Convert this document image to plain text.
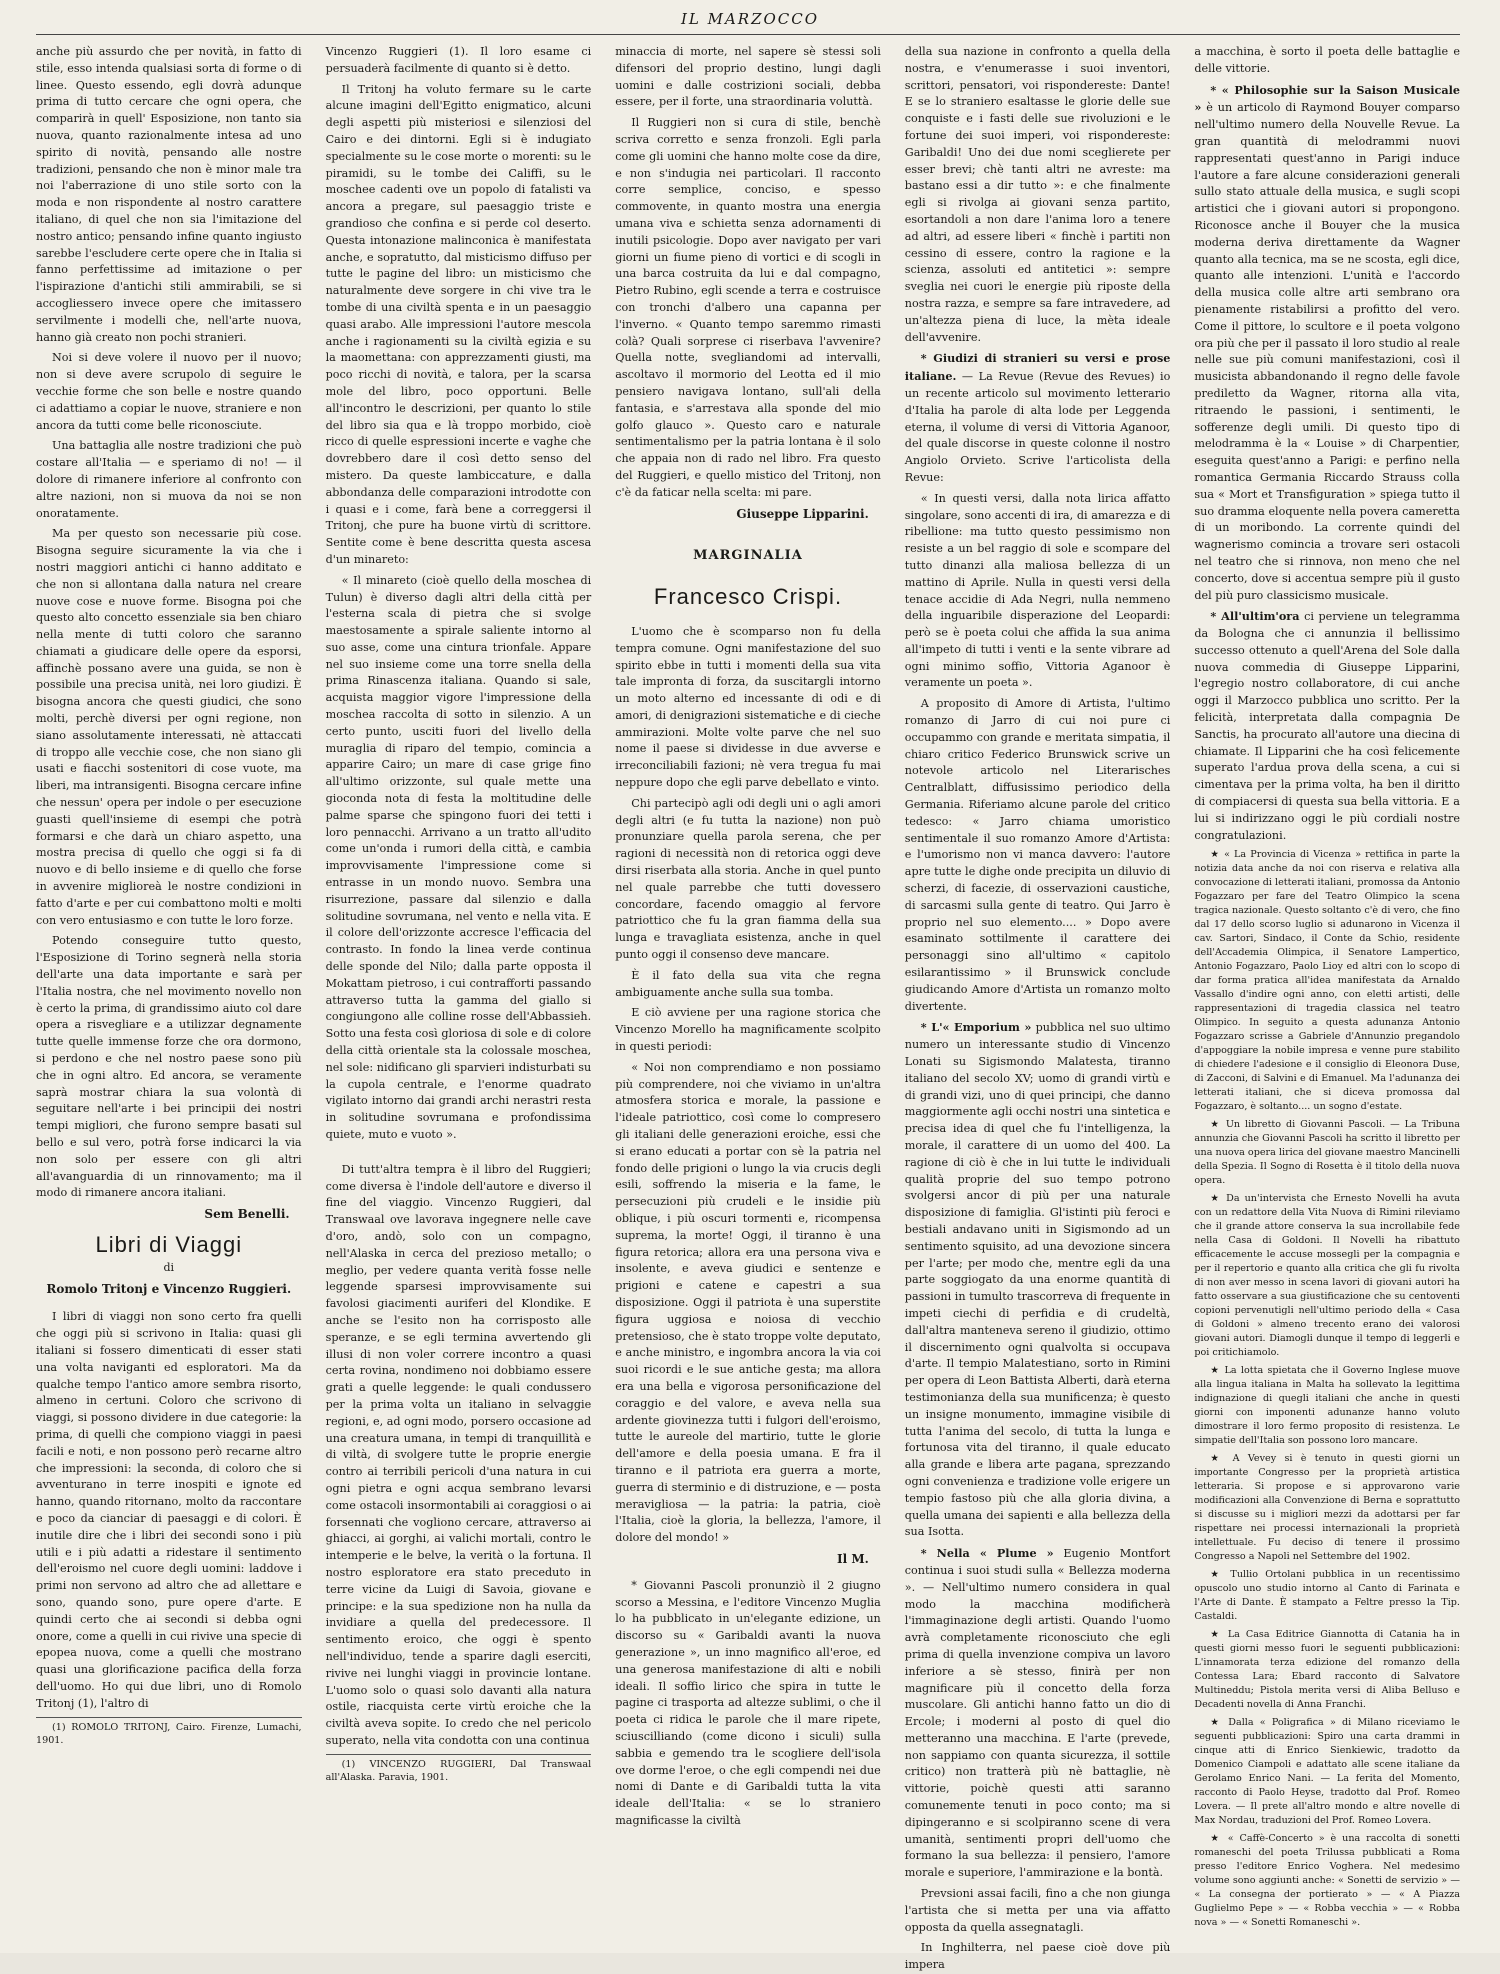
IL MARZOCCO

anche più assurdo che per novità, in fatto di stile, esso intenda qualsiasi sorta di forme o di linee. Questo essendo, egli dovrà adunque prima di tutto cercare che ogni opera, che comparirà in quell' Esposizione, non tanto sia nuova, quanto razionalmente intesa ad uno spirito di novità, pensando alle nostre tradizioni, pensando che non è minor male tra noi l'aberrazione di uno stile sorto con la moda e non rispondente al nostro carattere italiano, di quel che non sia l'imitazione del nostro antico; pensando infine quanto ingiusto sarebbe l'escludere certe opere che in Italia si fanno perfettissime ad imitazione o per l'ispirazione d'antichi stili ammirabili, se si accogliessero invece opere che imitassero servilmente i modelli che, nell'arte nuova, hanno già creato non pochi stranieri.

Noi si deve volere il nuovo per il nuovo; non si deve avere scrupolo di seguire le vecchie forme che son belle e nostre quando ci adattiamo a copiar le nuove, straniere e non ancora da tutti come belle riconosciute.

Una battaglia alle nostre tradizioni che può costare all'Italia — e speriamo di no! — il dolore di rimanere inferiore al confronto con altre nazioni, non si muova da noi se non onoratamente.

Ma per questo son necessarie più cose. Bisogna seguire sicuramente la via che i nostri maggiori antichi ci hanno additato e che non si allontana dalla natura nel creare nuove cose e nuove forme. Bisogna poi che questo alto concetto essenziale sia ben chiaro nella mente di tutti coloro che saranno chiamati a giudicare delle opere da esporsi, affinchè possano avere una guida, se non è possibile una precisa unità, nei loro giudizi. È bisogna ancora che questi giudici, che sono molti, perchè diversi per ogni regione, non siano assolutamente interessati, nè attaccati di troppo alle vecchie cose, che non siano gli usati e fiacchi sostenitori di cose vuote, ma liberi, ma intransigenti. Bisogna cercare infine che nessun' opera per indole o per esecuzione guasti quell'insieme di esempi che potrà formarsi e che darà un chiaro aspetto, una mostra precisa di quello che oggi si fa di nuovo e di bello insieme e di quello che forse in avvenire miglioreà le nostre condizioni in fatto d'arte e per cui combattono molti e molti con vero entusiasmo e con tutte le loro forze.

Potendo conseguire tutto questo, l'Esposizione di Torino segnerà nella storia dell'arte una data importante e sarà per l'Italia nostra, che nel movimento novello non è certo la prima, di grandissimo aiuto col dare opera a risvegliare e a utilizzar degnamente tutte quelle immense forze che ora dormono, si perdono e che nel nostro paese sono più che in ogni altro. Ed ancora, se veramente saprà mostrar chiara la sua volontà di seguitare nell'arte i bei principii dei nostri tempi migliori, che furono sempre basati sul bello e sul vero, potrà forse indicarci la via non solo per essere con gli altri all'avanguardia di un rinnovamento; ma il modo di rimanere ancora italiani.

Sem Benelli.
Libri di Viaggi
di
Romolo Tritonj e Vincenzo Ruggieri.

I libri di viaggi non sono certo fra quelli che oggi più si scrivono in Italia: quasi gli italiani si fossero dimenticati di esser stati una volta naviganti ed esploratori. Ma da qualche tempo l'antico amore sembra risorto, almeno in certuni. Coloro che scrivono di viaggi, si possono dividere in due categorie: la prima, di quelli che compiono viaggi in paesi facili e noti, e non possono però recarne altro che impressioni: la seconda, di coloro che si avventurano in terre inospiti e ignote ed hanno, quando ritornano, molto da raccontare e poco da cianciar di paesaggi e di colori. È inutile dire che i libri dei secondi sono i più utili e i più adatti a ridestare il sentimento dell'eroismo nel cuore degli uomini: laddove i primi non servono ad altro che ad allettare e sono, quando sono, pure opere d'arte. E quindi certo che ai secondi si debba ogni onore, come a quelli in cui rivive una specie di epopea nuova, come a quelli che mostrano quasi una glorificazione pacifica della forza dell'uomo. Ho qui due libri, uno di Romolo Tritonj (1), l'altro di

(1) ROMOLO TRITONJ, Cairo. Firenze, Lumachi, 1901.

Vincenzo Ruggieri (1). Il loro esame ci persuaderà facilmente di quanto si è detto.

Il Tritonj ha voluto fermare su le carte alcune imagini dell'Egitto enigmatico, alcuni degli aspetti più misteriosi e silenziosi del Cairo e dei dintorni. Egli si è indugiato specialmente su le cose morte o morenti: su le piramidi, su le tombe dei Califfi, su le moschee cadenti ove un popolo di fatalisti va ancora a pregare, sul paesaggio triste e grandioso che confina e si perde col deserto. Questa intonazione malinconica è manifestata anche, e sopratutto, dal misticismo diffuso per tutte le pagine del libro: un misticismo che naturalmente deve sorgere in chi vive tra le tombe di una civiltà spenta e in un paesaggio quasi arabo. Alle impressioni l'autore mescola anche i ragionamenti su la civiltà egizia e su la maomettana: con apprezzamenti giusti, ma poco ricchi di novità, e talora, per la scarsa mole del libro, poco opportuni. Belle all'incontro le descrizioni, per quanto lo stile del libro sia qua e là troppo morbido, cioè ricco di quelle espressioni incerte e vaghe che dovrebbero dare il così detto senso del mistero. Da queste lambiccature, e dalla abbondanza delle comparazioni introdotte con i quasi e i come, farà bene a correggersi il Tritonj, che pure ha buone virtù di scrittore. Sentite come è bene descritta questa ascesa d'un minareto:

« Il minareto (cioè quello della moschea di Tulun) è diverso dagli altri della città per l'esterna scala di pietra che si svolge maestosamente a spirale saliente intorno al suo asse, come una cintura trionfale. Appare nel suo insieme come una torre snella della prima Rinascenza italiana. Quando si sale, acquista maggior vigore l'impressione della moschea raccolta di sotto in silenzio. A un certo punto, usciti fuori del livello della muraglia di riparo del tempio, comincia a apparire Cairo; un mare di case grige fino all'ultimo orizzonte, sul quale mette una gioconda nota di festa la moltitudine delle palme sparse che spingono fuori dei tetti i loro pennacchi. Arrivano a un tratto all'udito come un'onda i rumori della città, e cambia improvvisamente l'impressione come si entrasse in un mondo nuovo. Sembra una risurrezione, passare dal silenzio e dalla solitudine sovrumana, nel vento e nella vita. E il colore dell'orizzonte accresce l'efficacia del contrasto. In fondo la linea verde continua delle sponde del Nilo; dalla parte opposta il Mokattam pietroso, i cui contrafforti passando attraverso tutta la gamma del giallo si congiungono alle colline rosse dell'Abbassieh. Sotto una festa così gloriosa di sole e di colore della città orientale sta la colossale moschea, nel sole: nidificano gli sparvieri indisturbati su la cupola centrale, e l'enorme quadrato vigilato intorno dai grandi archi nerastri resta in solitudine sovrumana e profondissima quiete, muto e vuoto ».

Di tutt'altra tempra è il libro del Ruggieri; come diversa è l'indole dell'autore e diverso il fine del viaggio. Vincenzo Ruggieri, dal Transwaal ove lavorava ingegnere nelle cave d'oro, andò, solo con un compagno, nell'Alaska in cerca del prezioso metallo; o meglio, per vedere quanta verità fosse nelle leggende sparsesi improvvisamente sui favolosi giacimenti auriferi del Klondike. E anche se l'esito non ha corrisposto alle speranze, e se egli termina avvertendo gli illusi di non voler correre incontro a quasi certa rovina, nondimeno noi dobbiamo essere grati a quelle leggende: le quali condussero per la prima volta un italiano in selvaggie regioni, e, ad ogni modo, porsero occasione ad una creatura umana, in tempi di tranquillità e di viltà, di svolgere tutte le proprie energie contro ai terribili pericoli d'una natura in cui ogni pietra e ogni acqua sembrano levarsi come ostacoli insormontabili ai coraggiosi o ai forsennati che vogliono cercare, attraverso ai ghiacci, ai gorghi, ai valichi mortali, contro le intemperie e le belve, la verità o la fortuna. Il nostro esploratore era stato preceduto in terre vicine da Luigi di Savoia, giovane e principe: e la sua spedizione non ha nulla da invidiare a quella del predecessore. Il sentimento eroico, che oggi è spento nell'individuo, tende a sparire dagli eserciti, rivive nei lunghi viaggi in provincie lontane. L'uomo solo o quasi solo davanti alla natura ostile, riacquista certe virtù eroiche che la civiltà aveva sopite. Io credo che nel pericolo superato, nella vita condotta con una continua

(1) VINCENZO RUGGIERI, Dal Transwaal all'Alaska. Paravia, 1901.

minaccia di morte, nel sapere sè stessi soli difensori del proprio destino, lungi dagli uomini e dalle costrizioni sociali, debba essere, per il forte, una straordinaria voluttà.

Il Ruggieri non si cura di stile, benchè scriva corretto e senza fronzoli. Egli parla come gli uomini che hanno molte cose da dire, e non s'indugia nei particolari. Il racconto corre semplice, conciso, e spesso commovente, in quanto mostra una energia umana viva e schietta senza adornamenti di inutili psicologie. Dopo aver navigato per vari giorni un fiume pieno di vortici e di scogli in una barca costruita da lui e dal compagno, Pietro Rubino, egli scende a terra e costruisce con tronchi d'albero una capanna per l'inverno. « Quanto tempo saremmo rimasti colà? Quali sorprese ci riserbava l'avvenire? Quella notte, svegliandomi ad intervalli, ascoltavo il mormorio del Leotta ed il mio pensiero navigava lontano, sull'ali della fantasia, e s'arrestava alla sponde del mio golfo glauco ». Questo caro e naturale sentimentalismo per la patria lontana è il solo che appaia non di rado nel libro. Fra questo del Ruggieri, e quello mistico del Tritonj, non c'è da faticar nella scelta: mi pare.

Giuseppe Lipparini.
MARGINALIA
Francesco Crispi.

L'uomo che è scomparso non fu della tempra comune. Ogni manifestazione del suo spirito ebbe in tutti i momenti della sua vita tale impronta di forza, da suscitargli intorno un moto alterno ed incessante di odi e di amori, di denigrazioni sistematiche e di cieche ammirazioni. Molte volte parve che nel suo nome il paese si dividesse in due avverse e irreconciliabili fazioni; nè vera tregua fu mai neppure dopo che egli parve debellato e vinto.

Chi partecipò agli odi degli uni o agli amori degli altri (e fu tutta la nazione) non può pronunziare quella parola serena, che per ragioni di necessità non di retorica oggi deve dirsi riserbata alla storia. Anche in quel punto nel quale parrebbe che tutti dovessero concordare, facendo omaggio al fervore patriottico che fu la gran fiamma della sua lunga e travagliata esistenza, anche in quel punto oggi il consenso deve mancare.

È il fato della sua vita che regna ambiguamente anche sulla sua tomba.

E ciò avviene per una ragione storica che Vincenzo Morello ha magnificamente scolpito in questi periodi:

« Noi non comprendiamo e non possiamo più comprendere, noi che viviamo in un'altra atmosfera storica e morale, la passione e l'ideale patriottico, così come lo compresero gli italiani delle generazioni eroiche, essi che si erano educati a portar con sè la patria nel fondo delle prigioni o lungo la via crucis degli esili, soffrendo la miseria e la fame, le persecuzioni più crudeli e le insidie più oblique, i più oscuri tormenti e, ricompensa suprema, la morte! Oggi, il tiranno è una figura retorica; allora era una persona viva e insolente, e aveva giudici e sentenze e prigioni e catene e capestri a sua disposizione. Oggi il patriota è una superstite figura uggiosa e noiosa di vecchio pretensioso, che è stato troppe volte deputato, e anche ministro, e ingombra ancora la via coi suoi ricordi e le sue antiche gesta; ma allora era una bella e vigorosa personificazione del coraggio e del valore, e aveva nella sua ardente giovinezza tutti i fulgori dell'eroismo, tutte le aureole del martirio, tutte le glorie dell'amore e della poesia umana. E fra il tiranno e il patriota era guerra a morte, guerra di sterminio e di distruzione, e — posta meravigliosa — la patria: la patria, cioè l'Italia, cioè la gloria, la bellezza, l'amore, il dolore del mondo! »

Il M.

* Giovanni Pascoli pronunziò il 2 giugno scorso a Messina, e l'editore Vincenzo Muglia lo ha pubblicato in un'elegante edizione, un discorso su « Garibaldi avanti la nuova generazione », un inno magnifico all'eroe, ed una generosa manifestazione di alti e nobili ideali. Il soffio lirico che spira in tutte le pagine ci trasporta ad altezze sublimi, o che il poeta ci ridica le parole che il mare ripete, sciuscilliando (come dicono i siculi) sulla sabbia e gemendo tra le scogliere dell'isola ove dorme l'eroe, o che egli compendi nei due nomi di Dante e di Garibaldi tutta la vita ideale dell'Italia: « se lo straniero magnificasse la civiltà

della sua nazione in confronto a quella della nostra, e v'enumerasse i suoi inventori, scrittori, pensatori, voi rispondereste: Dante! E se lo straniero esaltasse le glorie delle sue conquiste e i fasti delle sue rivoluzioni e le fortune dei suoi imperi, voi rispondereste: Garibaldi! Uno dei due nomi sceglierete per esser brevi; chè tanti altri ne avreste: ma bastano essi a dir tutto »: e che finalmente egli si rivolga ai giovani senza partito, esortandoli a non dare l'anima loro a tenere ad altri, ad essere liberi « finchè i partiti non cessino di essere, contro la ragione e la scienza, assoluti ed antitetici »: sempre sveglia nei cuori le energie più riposte della nostra razza, e sempre sa fare intravedere, ad un'altezza piena di luce, la mèta ideale dell'avvenire.

* Giudizi di stranieri su versi e prose italiane. — La Revue (Revue des Revues) io un recente articolo sul movimento letterario d'Italia ha parole di alta lode per Leggenda eterna, il volume di versi di Vittoria Aganoor, del quale discorse in queste colonne il nostro Angiolo Orvieto. Scrive l'articolista della Revue:

« In questi versi, dalla nota lirica affatto singolare, sono accenti di ira, di amarezza e di ribellione: ma tutto questo pessimismo non resiste a un bel raggio di sole e scompare del tutto dinanzi alla maliosa bellezza di un mattino di Aprile. Nulla in questi versi della tenace accidie di Ada Negri, nulla nemmeno della inguaribile disperazione del Leopardi: però se è poeta colui che affida la sua anima all'impeto di tutti i venti e la sente vibrare ad ogni minimo soffio, Vittoria Aganoor è veramente un poeta ».

A proposito di Amore di Artista, l'ultimo romanzo di Jarro di cui noi pure ci occupammo con grande e meritata simpatia, il chiaro critico Federico Brunswick scrive un notevole articolo nel Literarisches Centralblatt, diffusissimo periodico della Germania. Riferiamo alcune parole del critico tedesco: « Jarro chiama umoristico sentimentale il suo romanzo Amore d'Artista: e l'umorismo non vi manca davvero: l'autore apre tutte le dighe onde precipita un diluvio di scherzi, di facezie, di osservazioni caustiche, di sarcasmi sulla gente di teatro. Qui Jarro è proprio nel suo elemento.... » Dopo avere esaminato sottilmente il carattere dei personaggi sino all'ultimo « capitolo esilarantissimo » il Brunswick conclude giudicando Amore d'Artista un romanzo molto divertente.

* L'« Emporium » pubblica nel suo ultimo numero un interessante studio di Vincenzo Lonati su Sigismondo Malatesta, tiranno italiano del secolo XV; uomo di grandi virtù e di grandi vizi, uno di quei principi, che danno maggiormente agli occhi nostri una sintetica e precisa idea di quel che fu l'intelligenza, la morale, il carattere di un uomo del 400. La ragione di ciò è che in lui tutte le individuali qualità proprie del suo tempo potrono svolgersi ancor di più per una naturale disposizione di famiglia. Gl'istinti più feroci e bestiali andavano uniti in Sigismondo ad un sentimento squisito, ad una devozione sincera per l'arte; per modo che, mentre egli da una parte soggiogato da una enorme quantità di passioni in tumulto trascorreva di frequente in impeti ciechi di perfidia e di crudeltà, dall'altra manteneva sereno il giudizio, ottimo il discernimento ogni qualvolta si occupava d'arte. Il tempio Malatestiano, sorto in Rimini per opera di Leon Battista Alberti, darà eterna testimonianza della sua munificenza; è questo un insigne monumento, immagine visibile di tutta l'anima del secolo, di tutta la lunga e fortunosa vita del tiranno, il quale educato alla grande e libera arte pagana, sprezzando ogni convenienza e tradizione volle erigere un tempio fastoso più che alla gloria divina, a quella umana dei sapienti e alla bellezza della sua Isotta.

* Nella « Plume » Eugenio Montfort continua i suoi studi sulla « Bellezza moderna ». — Nell'ultimo numero considera in qual modo la macchina modificherà l'immaginazione degli artisti. Quando l'uomo avrà completamente riconosciuto che egli prima di quella invenzione compiva un lavoro inferiore a sè stesso, finirà per non magnificare più il concetto della forza muscolare. Gli antichi hanno fatto un dio di Ercole; i moderni al posto di quel dio metteranno una macchina. E l'arte (prevede, non sappiamo con quanta sicurezza, il sottile critico) non tratterà più nè battaglie, nè vittorie, poichè questi atti saranno comunemente tenuti in poco conto; ma si dipingeranno e si scolpiranno scene di vera umanità, sentimenti propri dell'uomo che formano la sua bellezza: il pensiero, l'amore morale e superiore, l'ammirazione e la bontà.

Prevsioni assai facili, fino a che non giunga l'artista che si metta per una via affatto opposta da quella assegnatagli.

In Inghilterra, nel paese cioè dove più impera

a macchina, è sorto il poeta delle battaglie e delle vittorie.

* « Philosophie sur la Saison Musicale » è un articolo di Raymond Bouyer comparso nell'ultimo numero della Nouvelle Revue. La gran quantità di melodrammi nuovi rappresentati quest'anno in Parigi induce l'autore a fare alcune considerazioni generali sullo stato attuale della musica, e sugli scopi artistici che i giovani autori si propongono. Riconosce anche il Bouyer che la musica moderna deriva direttamente da Wagner quanto alla tecnica, ma se ne scosta, egli dice, quanto alle intenzioni. L'unità e l'accordo della musica colle altre arti sembrano ora pienamente ristabilirsi a profitto del vero. Come il pittore, lo scultore e il poeta volgono ora più che per il passato il loro studio al reale nelle sue più comuni manifestazioni, così il musicista abbandonando il regno delle favole prediletto da Wagner, ritorna alla vita, ritraendo le passioni, i sentimenti, le sofferenze degli umili. Di questo tipo di melodramma è la « Louise » di Charpentier, eseguita quest'anno a Parigi: e perfino nella romantica Germania Riccardo Strauss colla sua « Mort et Transfiguration » spiega tutto il suo dramma eloquente nella povera cameretta di un moribondo. La corrente quindi del wagnerismo comincia a trovare seri ostacoli nel teatro che si rinnova, non meno che nel concerto, dove si accentua sempre più il gusto del più puro classicismo musicale.

* All'ultim'ora ci perviene un telegramma da Bologna che ci annunzia il bellissimo successo ottenuto a quell'Arena del Sole dalla nuova commedia di Giuseppe Lipparini, l'egregio nostro collaboratore, di cui anche oggi il Marzocco pubblica uno scritto. Per la felicità, interpretata dalla compagnia De Sanctis, ha procurato all'autore una diecina di chiamate. Il Lipparini che ha così felicemente superato l'ardua prova della scena, a cui si cimentava per la prima volta, ha ben il diritto di compiacersi di questa sua bella vittoria. E a lui si indirizzano oggi le più cordiali nostre congratulazioni.

★ « La Provincia di Vicenza » rettifica in parte la notizia data anche da noi con riserva e relativa alla convocazione di letterati italiani, promossa da Antonio Fogazzaro per fare del Teatro Olimpico la scena tragica nazionale. Questo soltanto c'è di vero, che fino dal 17 dello scorso luglio si adunarono in Vicenza il cav. Sartori, Sindaco, il Conte da Schio, residente dell'Accademia Olimpica, il Senatore Lampertico, Antonio Fogazzaro, Paolo Lioy ed altri con lo scopo di dar forma pratica all'idea manifestata da Arnaldo Vassallo d'indire ogni anno, con eletti artisti, delle rappresentazioni di tragedia classica nel teatro Olimpico. In seguito a questa adunanza Antonio Fogazzaro scrisse a Gabriele d'Annunzio pregandolo d'appoggiare la nobile impresa e venne pure stabilito di chiedere l'adesione e il consiglio di Eleonora Duse, di Zacconi, di Salvini e di Emanuel. Ma l'adunanza dei letterati italiani, che si diceva promossa dal Fogazzaro, è soltanto.... un sogno d'estate.

★ Un libretto di Giovanni Pascoli. — La Tribuna annunzia che Giovanni Pascoli ha scritto il libretto per una nuova opera lirica del giovane maestro Mancinelli della Spezia. Il Sogno di Rosetta è il titolo della nuova opera.

★ Da un'intervista che Ernesto Novelli ha avuta con un redattore della Vita Nuova di Rimini rileviamo che il grande attore conserva la sua incrollabile fede nella Casa di Goldoni. Il Novelli ha ribattuto efficacemente le accuse mossegli per la compagnia e per il repertorio e quanto alla critica che gli fu rivolta di non aver messo in scena lavori di giovani autori ha fatto osservare a sua giustificazione che su centoventi copioni pervenutigli nell'ultimo periodo della « Casa di Goldoni » almeno trecento erano dei valorosi giovani autori. Diamogli dunque il tempo di leggerli e poi critichiamolo.

★ La lotta spietata che il Governo Inglese muove alla lingua italiana in Malta ha sollevato la legittima indignazione di quegli italiani che anche in questi giorni con imponenti adunanze hanno voluto dimostrare il loro fermo proposito di resistenza. Le simpatie dell'Italia son possono loro mancare.

★ A Vevey si è tenuto in questi giorni un importante Congresso per la proprietà artistica letteraria. Si propose e si approvarono varie modificazioni alla Convenzione di Berna e soprattutto si discusse su i migliori mezzi da adottarsi per far rispettare nei processi internazionali la proprietà intellettuale. Fu deciso di tenere il prossimo Congresso a Napoli nel Settembre del 1902.

★ Tullio Ortolani pubblica in un recentissimo opuscolo uno studio intorno al Canto di Farinata e l'Arte di Dante. È stampato a Feltre presso la Tip. Castaldi.

★ La Casa Editrice Giannotta di Catania ha in questi giorni messo fuori le seguenti pubblicazioni: L'innamorata terza edizione del romanzo della Contessa Lara; Ebard racconto di Salvatore Multineddu; Pistola merita versi di Aliba Belluso e Decadenti novella di Anna Franchi.

★ Dalla « Poligrafica » di Milano riceviamo le seguenti pubblicazioni: Spiro una carta drammi in cinque atti di Enrico Sienkiewic, tradotto da Domenico Ciampoli e adattato alle scene italiane da Gerolamo Enrico Nani. — La ferita del Momento, racconto di Paolo Heyse, tradotto dal Prof. Romeo Lovera. — Il prete all'altro mondo e altre novelle di Max Nordau, traduzioni del Prof. Romeo Lovera.

★ « Caffè-Concerto » è una raccolta di sonetti romaneschi del poeta Trilussa pubblicati a Roma presso l'editore Enrico Voghera. Nel medesimo volume sono aggiunti anche: « Sonetti de servizio » — « La consegna der portierato » — « A Piazza Guglielmo Pepe » — « Robba vecchia » — « Robba nova » — « Sonetti Romaneschi ».
